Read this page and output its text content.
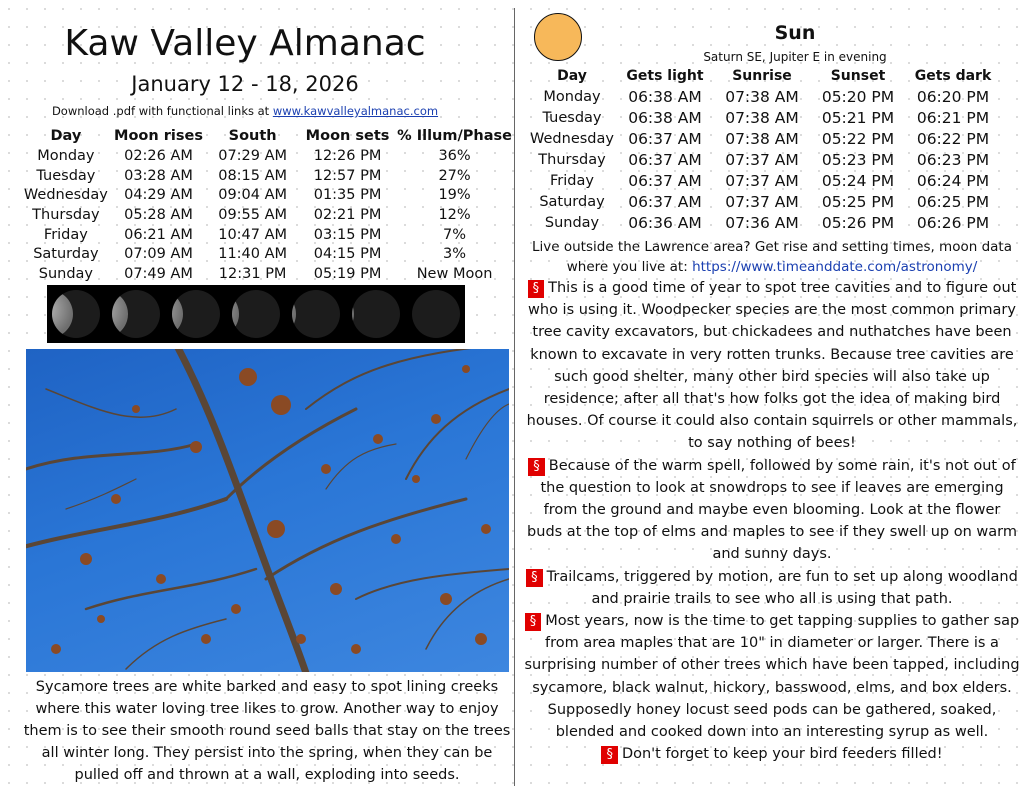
Kaw Valley Almanac
January 12 - 18, 2026
Download .pdf with functional links at www.kawvalleyalmanac.com
Day	Moon rises	South	Moon sets	% Illum/Phase
Monday	02:26 AM	07:29 AM	12:26 PM	36%
Tuesday	03:28 AM	08:15 AM	12:57 PM	27%
Wednesday	04:29 AM	09:04 AM	01:35 PM	19%
Thursday	05:28 AM	09:55 AM	02:21 PM	12%
Friday	06:21 AM	10:47 AM	03:15 PM	7%
Saturday	07:09 AM	11:40 AM	04:15 PM	3%
Sunday	07:49 AM	12:31 PM	05:19 PM	New Moon
Sycamore trees are white barked and easy to spot lining creeks where this water loving tree likes to grow. Another way to enjoy them is to see their smooth round seed balls that stay on the trees all winter long. They persist into the spring, when they can be pulled off and thrown at a wall, exploding into seeds.
Sun
Saturn SE, Jupiter E in evening
Day	Gets light	Sunrise	Sunset	Gets dark
Monday	06:38 AM	07:38 AM	05:20 PM	06:20 PM
Tuesday	06:38 AM	07:38 AM	05:21 PM	06:21 PM
Wednesday	06:37 AM	07:38 AM	05:22 PM	06:22 PM
Thursday	06:37 AM	07:37 AM	05:23 PM	06:23 PM
Friday	06:37 AM	07:37 AM	05:24 PM	06:24 PM
Saturday	06:37 AM	07:37 AM	05:25 PM	06:25 PM
Sunday	06:36 AM	07:36 AM	05:26 PM	06:26 PM
Live outside the Lawrence area? Get rise and setting times, moon data where you live at: https://www.timeanddate.com/astronomy/
§ This is a good time of year to spot tree cavities and to figure out who is using it. Woodpecker species are the most common primary tree cavity excavators, but chickadees and nuthatches have been known to excavate in very rotten trunks. Because tree cavities are such good shelter, many other bird species will also take up residence; after all that's how folks got the idea of making bird houses. Of course it could also contain squirrels or other mammals, to say nothing of bees!
§ Because of the warm spell, followed by some rain, it's not out of the question to look at snowdrops to see if leaves are emerging from the ground and maybe even blooming. Look at the flower buds at the top of elms and maples to see if they swell up on warm and sunny days.
§ Trailcams, triggered by motion, are fun to set up along woodland and prairie trails to see who all is using that path.
§ Most years, now is the time to get tapping supplies to gather sap from area maples that are 10" in diameter or larger. There is a surprising number of other trees which have been tapped, including sycamore, black walnut, hickory, basswood, elms, and box elders. Supposedly honey locust seed pods can be gathered, soaked, blended and cooked down into an interesting syrup as well.
§ Don't forget to keep your bird feeders filled!
